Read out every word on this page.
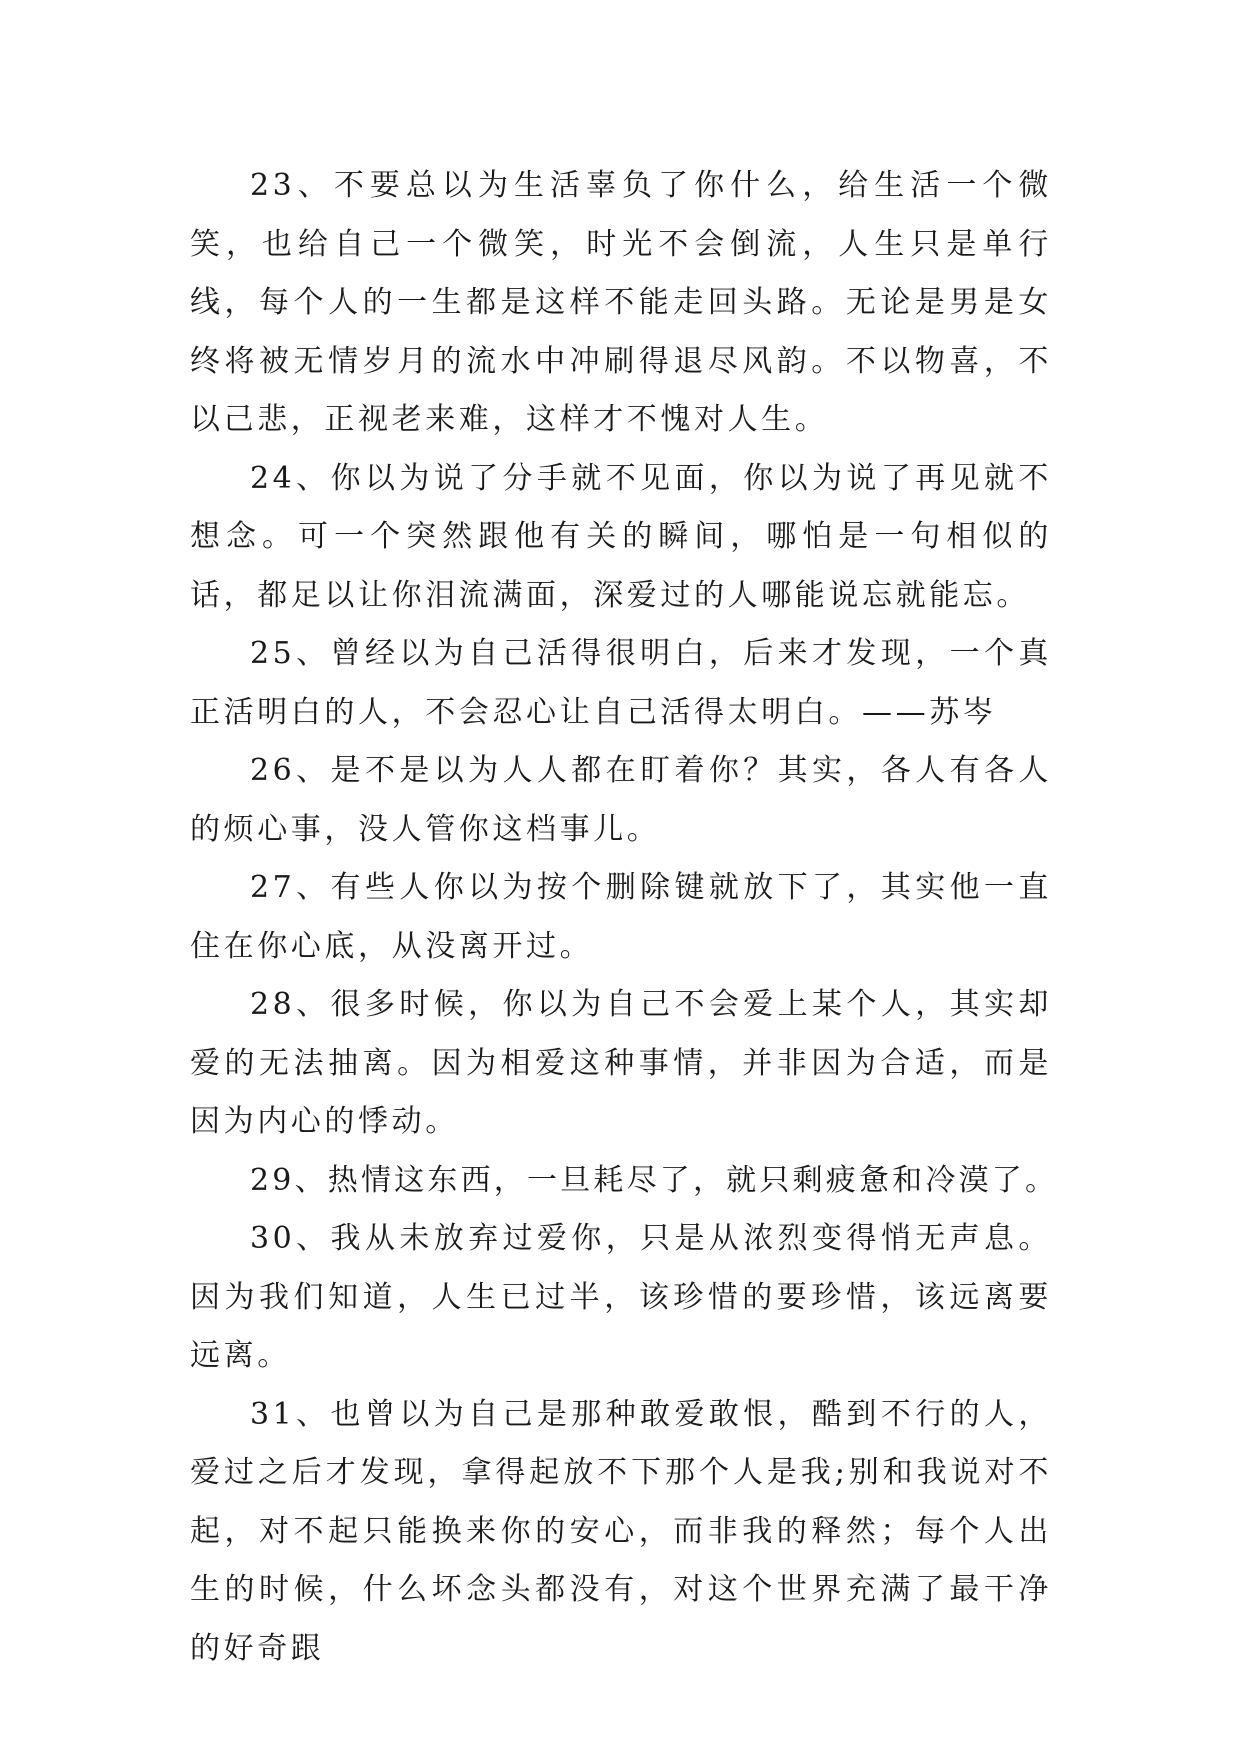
23、不要总以为生活辜负了你什么，给生活一个微笑，也给自己一个微笑，时光不会倒流，人生只是单行线，每个人的一生都是这样不能走回头路。无论是男是女终将被无情岁月的流水中冲刷得退尽风韵。不以物喜，不以己悲，正视老来难，这样才不愧对人生。

24、你以为说了分手就不见面，你以为说了再见就不想念。可一个突然跟他有关的瞬间，哪怕是一句相似的话，都足以让你泪流满面，深爱过的人哪能说忘就能忘。

25、曾经以为自己活得很明白，后来才发现，一个真正活明白的人，不会忍心让自己活得太明白。——苏岑

26、是不是以为人人都在盯着你？其实，各人有各人的烦心事，没人管你这档事儿。

27、有些人你以为按个删除键就放下了，其实他一直住在你心底，从没离开过。

28、很多时候，你以为自己不会爱上某个人，其实却爱的无法抽离。因为相爱这种事情，并非因为合适，而是因为内心的悸动。

29、热情这东西，一旦耗尽了，就只剩疲惫和冷漠了。

30、我从未放弃过爱你，只是从浓烈变得悄无声息。因为我们知道，人生已过半，该珍惜的要珍惜，该远离要远离。

31、也曾以为自己是那种敢爱敢恨，酷到不行的人，爱过之后才发现，拿得起放不下那个人是我;别和我说对不起，对不起只能换来你的安心，而非我的释然；每个人出生的时候，什么坏念头都没有，对这个世界充满了最干净的好奇跟
